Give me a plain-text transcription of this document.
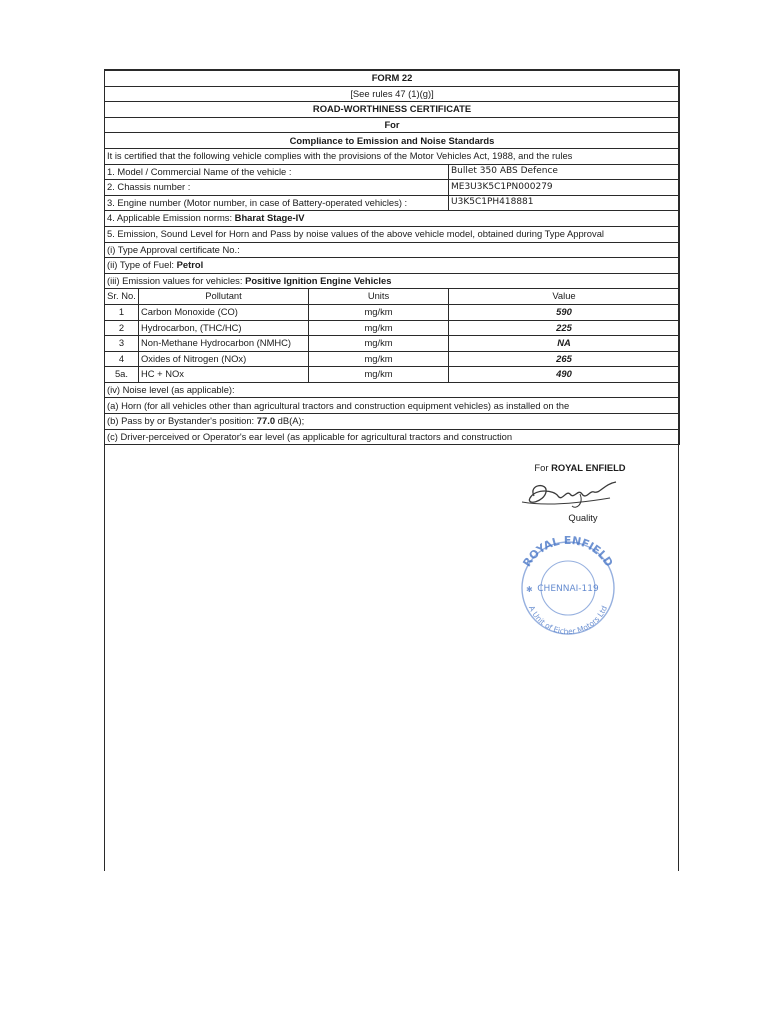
FORM 22			
[See rules 47 (1)(g)]			
ROAD-WORTHINESS CERTIFICATE			
For			
Compliance to Emission and Noise Standards			
It is certified that the following vehicle complies with the provisions of the Motor Vehicles Act, 1988, and the rules			
1. Model / Commercial Name of the vehicle :			Bullet 350 ABS Defence
2. Chassis number :			ME3U3K5C1PN000279
3. Engine number (Motor number, in case of Battery-operated vehicles) :			U3K5C1PH418881
4. Applicable Emission norms: Bharat Stage-IV			
5. Emission, Sound Level for Horn and Pass by noise values of the above vehicle model, obtained during Type Approval			
(i) Type Approval certificate No.:			
(ii) Type of Fuel: Petrol			
(iii) Emission values for vehicles: Positive Ignition Engine Vehicles			
Sr. No.	Pollutant	Units	Value
1	Carbon Monoxide (CO)	mg/km	590
2	Hydrocarbon, (THC/HC)	mg/km	225
3	Non-Methane Hydrocarbon (NMHC)	mg/km	NA
4	Oxides of Nitrogen (NOx)	mg/km	265
5a.	HC + NOx	mg/km	490
(iv) Noise level (as applicable):			
(a) Horn (for all vehicles other than agricultural tractors and construction equipment vehicles) as installed on the			
(b) Pass by or Bystander's position: 77.0 dB(A);			
(c) Driver-perceived or Operator's ear level (as applicable for agricultural tractors and construction			
For ROYAL ENFIELD
Quality
ROYAL ENFIELD
CHENNAI-119
A Unit of Eicher Motors Ltd
✱
